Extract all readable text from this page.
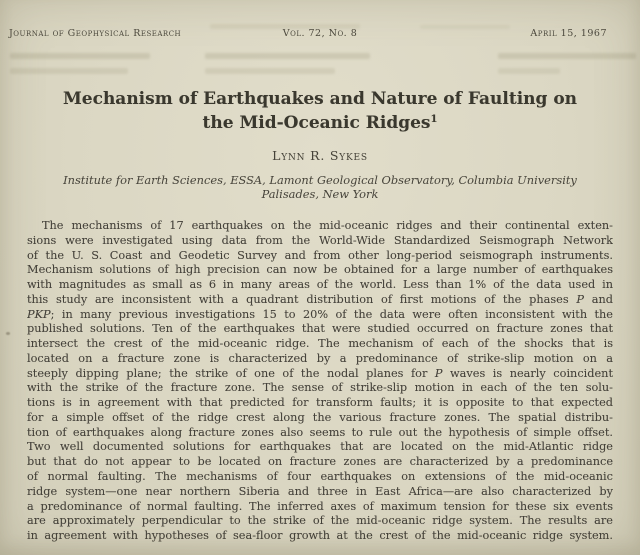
Vol. 72, No. 8
Journal of Geophysical Research	April 15, 1967
Mechanism of Earthquakes and Nature of Faulting on
the Mid-Oceanic Ridges$^1$
Lynn R. Sykes
Institute for Earth Sciences, ESSA, Lamont Geological Observatory, Columbia University
Palisades, New York
The mechanisms of 17 earthquakes on the mid-oceanic ridges and their continental exten-
sions were investigated using data from the World-Wide Standardized Seismograph Network
of the U. S. Coast and Geodetic Survey and from other long-period seismograph instruments.
Mechanism solutions of high precision can now be obtained for a large number of earthquakes
with magnitudes as small as 6 in many areas of the world. Less than 1% of the data used in
this study are inconsistent with a quadrant distribution of first motions of the phases P and
PKP; in many previous investigations 15 to 20% of the data were often inconsistent with the
published solutions. Ten of the earthquakes that were studied occurred on fracture zones that
intersect the crest of the mid-oceanic ridge. The mechanism of each of the shocks that is
located on a fracture zone is characterized by a predominance of strike-slip motion on a
steeply dipping plane; the strike of one of the nodal planes for P waves is nearly coincident
with the strike of the fracture zone. The sense of strike-slip motion in each of the ten solu-
tions is in agreement with that predicted for transform faults; it is opposite to that expected
for a simple offset of the ridge crest along the various fracture zones. The spatial distribu-
tion of earthquakes along fracture zones also seems to rule out the hypothesis of simple offset.
Two well documented solutions for earthquakes that are located on the mid-Atlantic ridge
but that do not appear to be located on fracture zones are characterized by a predominance
of normal faulting. The mechanisms of four earthquakes on extensions of the mid-oceanic
ridge system—one near northern Siberia and three in East Africa—are also characterized by
a predominance of normal faulting. The inferred axes of maximum tension for these six events
are approximately perpendicular to the strike of the mid-oceanic ridge system. The results are
in agreement with hypotheses of sea-floor growth at the crest of the mid-oceanic ridge system.
